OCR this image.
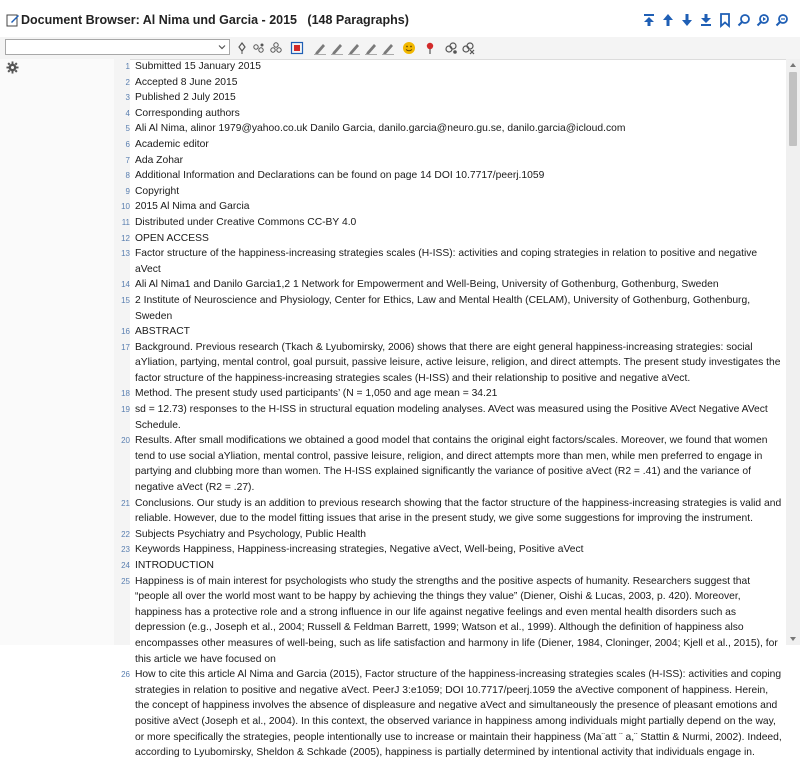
Document Browser: Al Nima und Garcia - 2015   (148 Paragraphs)
1 Submitted 15 January 2015
2 Accepted 8 June 2015
3 Published 2 July 2015
4 Corresponding authors
5 Ali Al Nima, alinor 1979@yahoo.co.uk Danilo Garcia, danilo.garcia@neuro.gu.se, danilo.garcia@icloud.com
6 Academic editor
7 Ada Zohar
8 Additional Information and Declarations can be found on page 14 DOI 10.7717/peerj.1059
9 Copyright
10 2015 Al Nima and Garcia
11 Distributed under Creative Commons CC-BY 4.0
12 OPEN ACCESS
13 Factor structure of the happiness-increasing strategies scales (H-ISS): activities and coping strategies in relation to positive and negative aVect
14 Ali Al Nima1 and Danilo Garcia1,2 1 Network for Empowerment and Well-Being, University of Gothenburg, Gothenburg, Sweden
15 2 Institute of Neuroscience and Physiology, Center for Ethics, Law and Mental Health (CELAM), University of Gothenburg, Gothenburg, Sweden
16 ABSTRACT
17 Background. Previous research (Tkach & Lyubomirsky, 2006) shows that there are eight general happiness-increasing strategies: social aYliation, partying, mental control, goal pursuit, passive leisure, active leisure, religion, and direct attempts. The present study investigates the factor structure of the happiness-increasing strategies scales (H-ISS) and their relationship to positive and negative aVect.
18 Method. The present study used participants’ (N = 1,050 and age mean = 34.21
19 sd = 12.73) responses to the H-ISS in structural equation modeling analyses. AVect was measured using the Positive AVect Negative AVect Schedule.
20 Results. After small modifications we obtained a good model that contains the original eight factors/scales. Moreover, we found that women tend to use social aYliation, mental control, passive leisure, religion, and direct attempts more than men, while men preferred to engage in partying and clubbing more than women. The H-ISS explained significantly the variance of positive aVect (R2 = .41) and the variance of negative aVect (R2 = .27).
21 Conclusions. Our study is an addition to previous research showing that the factor structure of the happiness-increasing strategies is valid and reliable. However, due to the model fitting issues that arise in the present study, we give some suggestions for improving the instrument.
22 Subjects Psychiatry and Psychology, Public Health
23 Keywords Happiness, Happiness-increasing strategies, Negative aVect, Well-being, Positive aVect
24 INTRODUCTION
25 Happiness is of main interest for psychologists who study the strengths and the positive aspects of humanity. Researchers suggest that “people all over the world most want to be happy by achieving the things they value” (Diener, Oishi & Lucas, 2003, p. 420). Moreover, happiness has a protective role and a strong influence in our life against negative feelings and even mental health disorders such as depression (e.g., Joseph et al., 2004; Russell & Feldman Barrett, 1999; Watson et al., 1999). Although the definition of happiness also encompasses other measures of well-being, such as life satisfaction and harmony in life (Diener, 1984, Cloninger, 2004; Kjell et al., 2015), for this article we have focused on
26 How to cite this article Al Nima and Garcia (2015), Factor structure of the happiness-increasing strategies scales (H-ISS): activities and coping strategies in relation to positive and negative aVect. PeerJ 3:e1059; DOI 10.7717/peerj.1059 the aVective component of happiness. Herein, the concept of happiness involves the absence of displeasure and negative aVect and simultaneously the presence of pleasant emotions and positive aVect (Joseph et al., 2004). In this context, the observed variance in happiness among individuals might partially depend on the way, or more specifically the strategies, people intentionally use to increase or maintain their happiness (Ma¨att ¨ a,¨ Stattin & Nurmi, 2002). Indeed, according to Lyubomirsky, Sheldon & Schkade (2005), happiness is partially determined by intentional activity that individuals engage in.
